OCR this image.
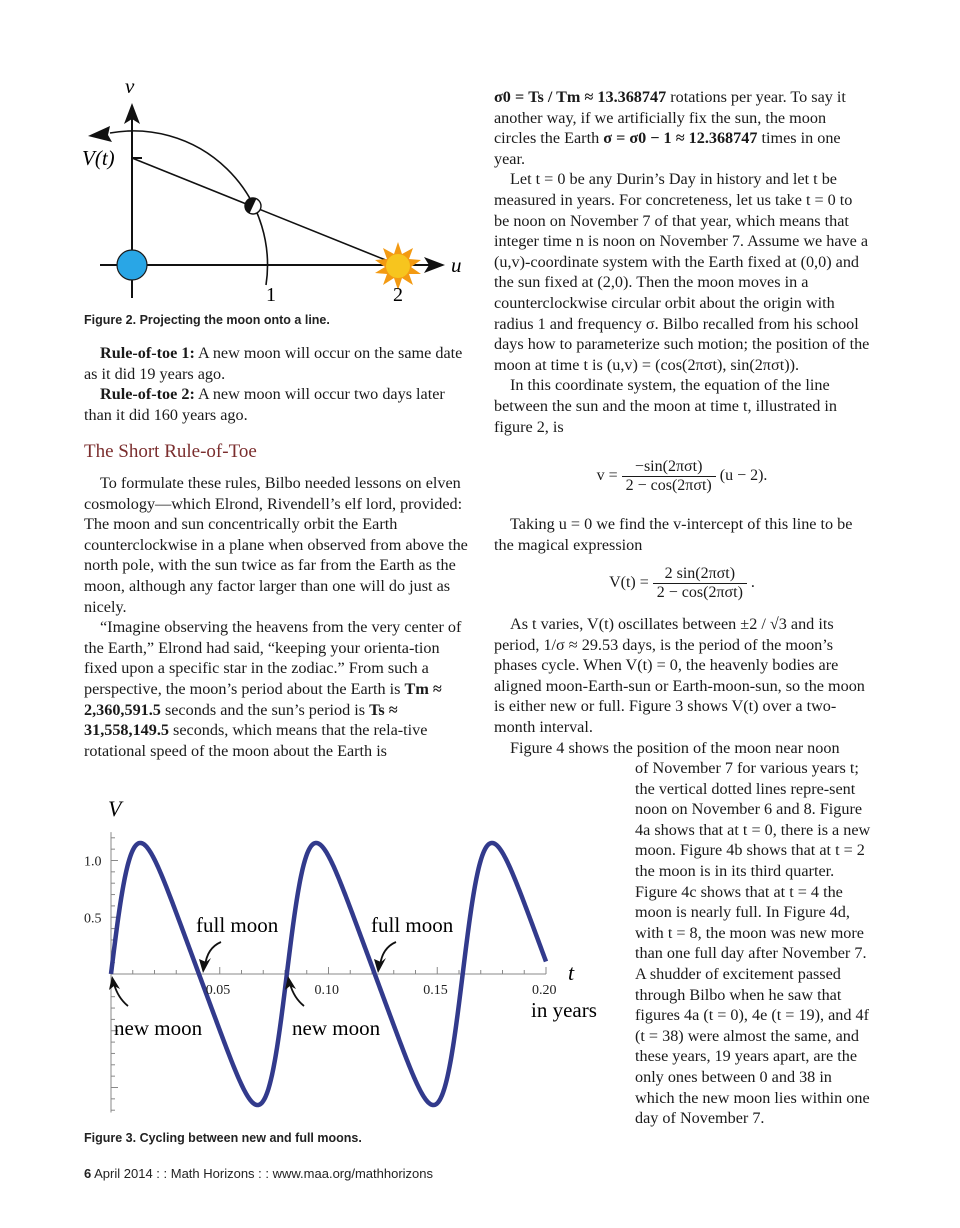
v
V(t)
u
1	2
Figure 2. Projecting the moon onto a line.

Rule-of-toe 1: A new moon will occur on the same date as it did 19 years ago.

Rule-of-toe 2: A new moon will occur two days later than it did 160 years ago.

The Short Rule-of-Toe

To formulate these rules, Bilbo needed lessons on elven cosmology—which Elrond, Rivendell’s elf lord, provided: The moon and sun concentrically orbit the Earth counterclockwise in a plane when observed from above the north pole, with the sun twice as far from the Earth as the moon, although any factor larger than one will do just as nicely.

“Imagine observing the heavens from the very center of the Earth,” Elrond had said, “keeping your orienta-tion fixed upon a specific star in the zodiac.” From such a perspective, the moon’s period about the Earth is Tm ≈ 2,360,591.5 seconds and the sun’s period is Ts ≈ 31,558,149.5 seconds, which means that the rela-tive rotational speed of the moon about the Earth is

σ0 = Ts / Tm ≈ 13.368747 rotations per year. To say it another way, if we artificially fix the sun, the moon circles the Earth σ = σ0 − 1 ≈ 12.368747 times in one year.

Let t = 0 be any Durin’s Day in history and let t be measured in years. For concreteness, let us take t = 0 to be noon on November 7 of that year, which means that integer time n is noon on November 7. Assume we have a (u,v)-coordinate system with the Earth fixed at (0,0) and the sun fixed at (2,0). Then the moon moves in a counterclockwise circular orbit about the origin with radius 1 and frequency σ. Bilbo recalled from his school days how to parameterize such motion; the position of the moon at time t is (u,v) = (cos(2πσt), sin(2πσt)).

In this coordinate system, the equation of the line between the sun and the moon at time t, illustrated in figure 2, is

$v = \frac{\text{−sin(2πσt)}}{\text{2 − cos(2πσt)}} (u - 2)$.

Taking u = 0 we find the v-intercept of this line to be the magical expression

$V(t) = \frac{\text{2 sin(2πσt)}}{\text{2 − cos(2πσt)}}$ .

As t varies, V(t) oscillates between ±2 / √3 and its period, 1/σ ≈ 29.53 days, is the period of the moon’s phases cycle. When V(t) = 0, the heavenly bodies are aligned moon-Earth-sun or Earth-moon-sun, so the moon is either new or full. Figure 3 shows V(t) over a two-month interval.

Figure 4 shows the position of the moon near noon

of November 7 for various years t; the vertical dotted lines repre-sent noon on November 6 and 8. Figure 4a shows that at t = 0, there is a new moon. Figure 4b shows that at t = 2 the moon is in its third quarter. Figure 4c shows that at t = 4 the moon is nearly full. In Figure 4d, with t = 8, the moon was new more than one full day after November 7. A shudder of excitement passed through Bilbo when he saw that figures 4a (t = 0), 4e (t = 19), and 4f (t = 38) were almost the same, and these years, 19 years apart, are the only ones between 0 and 38 in which the new moon lies within one day of November 7.

0.05	0.10	0.15	0.20
0.5
1.0
V
t
in years
full moon	full moon
new moon	new moon
Figure 3. Cycling between new and full moons.
6 April 2014 : : Math Horizons : : www.maa.org/mathhorizons
